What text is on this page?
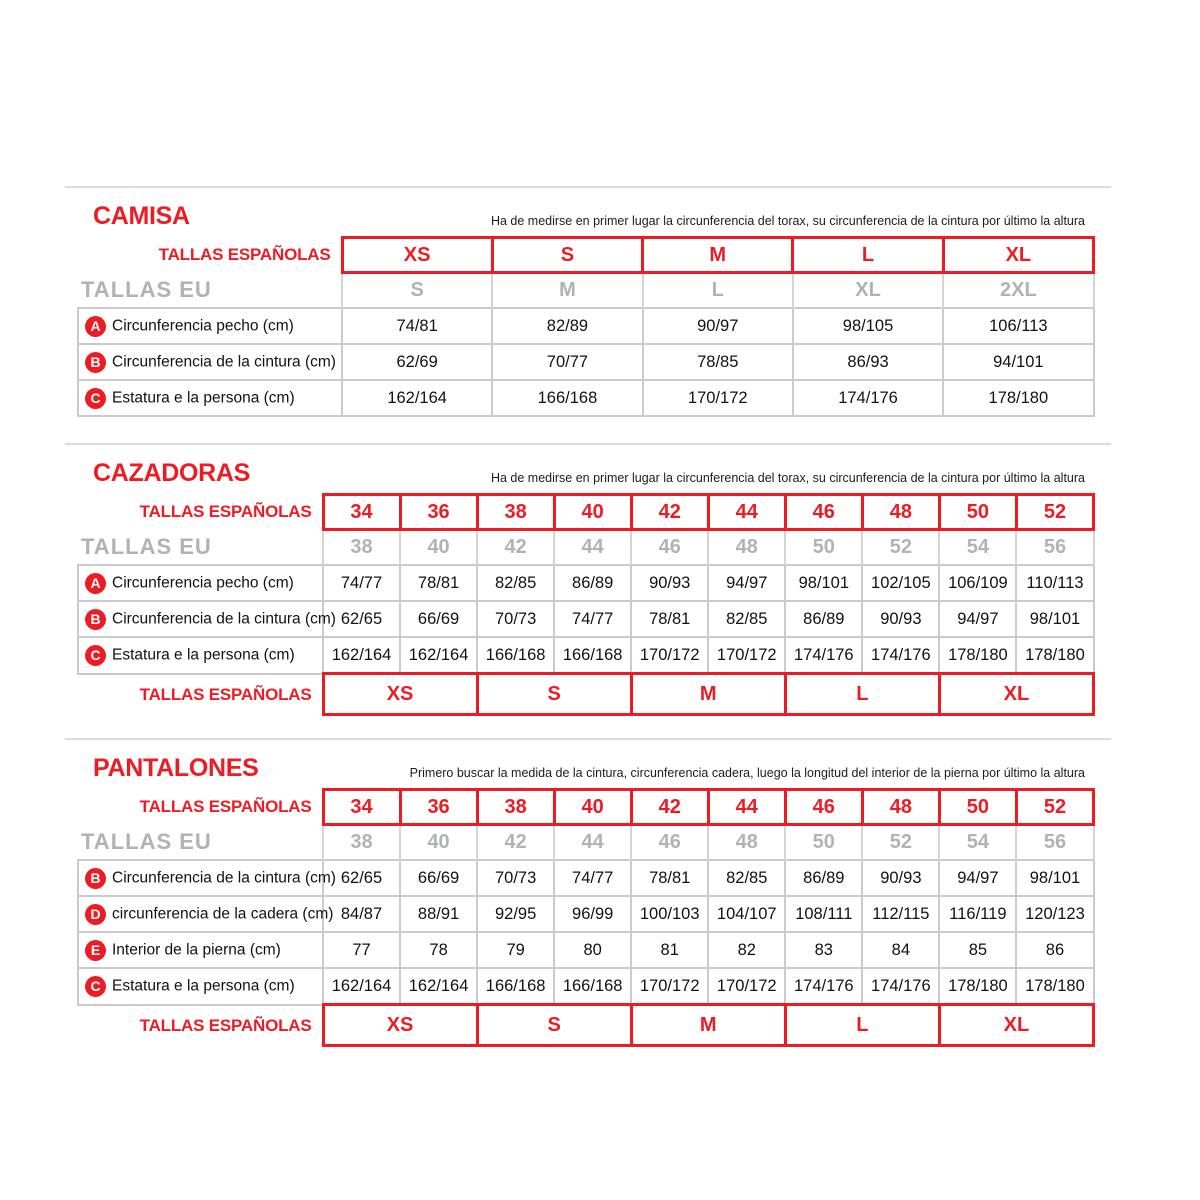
CAMISA	Ha de medirse en primer lugar la circunferencia del torax, su circunferencia de la cintura por último la altura
TALLAS ESPAÑOLAS	XS	S	M	L	XL
TALLAS EU	S	M	L	XL	2XL
A Circunferencia pecho (cm)	74/81	82/89	90/97	98/105	106/113
B Circunferencia de la cintura (cm)	62/69	70/77	78/85	86/93	94/101
C Estatura e la persona (cm)	162/164	166/168	170/172	174/176	178/180
CAZADORAS	Ha de medirse en primer lugar la circunferencia del torax, su circunferencia de la cintura por último la altura
TALLAS ESPAÑOLAS	34	36	38	40	42	44	46	48	50	52
TALLAS EU	38	40	42	44	46	48	50	52	54	56
A Circunferencia pecho (cm)	74/77	78/81	82/85	86/89	90/93	94/97	98/101	102/105	106/109	110/113
B Circunferencia de la cintura (cm)	62/65	66/69	70/73	74/77	78/81	82/85	86/89	90/93	94/97	98/101
C Estatura e la persona (cm)	162/164	162/164	166/168	166/168	170/172	170/172	174/176	174/176	178/180	178/180
TALLAS ESPAÑOLAS	XS		S		M		L		XL	
PANTALONES	Primero buscar la medida de la cintura, circunferencia cadera, luego la longitud del interior de la pierna por último la altura
TALLAS ESPAÑOLAS	34	36	38	40	42	44	46	48	50	52
TALLAS EU	38	40	42	44	46	48	50	52	54	56
B Circunferencia de la cintura (cm)	62/65	66/69	70/73	74/77	78/81	82/85	86/89	90/93	94/97	98/101
D circunferencia de la cadera (cm)	84/87	88/91	92/95	96/99	100/103	104/107	108/111	112/115	116/119	120/123
E Interior de la pierna (cm)	77	78	79	80	81	82	83	84	85	86
C Estatura e la persona (cm)	162/164	162/164	166/168	166/168	170/172	170/172	174/176	174/176	178/180	178/180
TALLAS ESPAÑOLAS	XS		S		M		L		XL	
